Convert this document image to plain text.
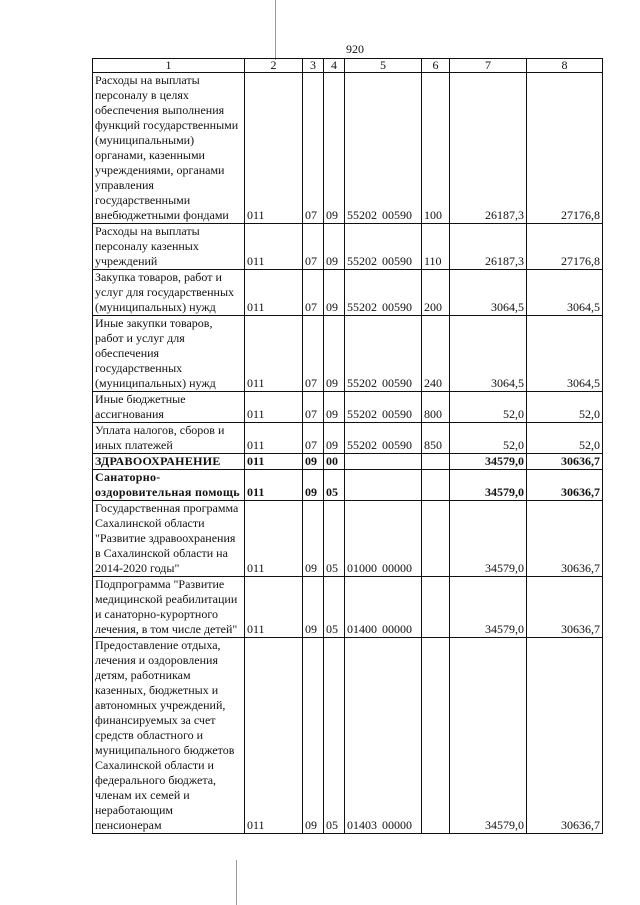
920
1	2	3	4	5	6	7	8
Расходы на выплаты персоналу в целях обеспечения выполнения функций государственными (муниципальными) органами, казенными учреждениями, органами управления государственными внебюджетными фондами	011	07	09	55202 00590	100	26187,3	27176,8
Расходы на выплаты персоналу казенных учреждений	011	07	09	55202 00590	110	26187,3	27176,8
Закупка товаров, работ и услуг для государственных (муниципальных) нужд	011	07	09	55202 00590	200	3064,5	3064,5
Иные закупки товаров, работ и услуг для обеспечения государственных (муниципальных) нужд	011	07	09	55202 00590	240	3064,5	3064,5
Иные бюджетные ассигнования	011	07	09	55202 00590	800	52,0	52,0
Уплата налогов, сборов и иных платежей	011	07	09	55202 00590	850	52,0	52,0
ЗДРАВООХРАНЕНИЕ	011	09	00			34579,0	30636,7
Санаторно-оздоровительная помощь	011	09	05			34579,0	30636,7
Государственная программа Сахалинской области "Развитие здравоохранения в Сахалинской области на 2014-2020 годы"	011	09	05	01000 00000		34579,0	30636,7
Подпрограмма "Развитие медицинской реабилитации и санаторно-курортного лечения, в том числе детей"	011	09	05	01400 00000		34579,0	30636,7
Предоставление отдыха, лечения и оздоровления детям, работникам казенных, бюджетных и автономных учреждений, финансируемых за счет средств областного и муниципального бюджетов Сахалинской области и федерального бюджета, членам их семей и неработающим пенсионерам	011	09	05	01403 00000		34579,0	30636,7
